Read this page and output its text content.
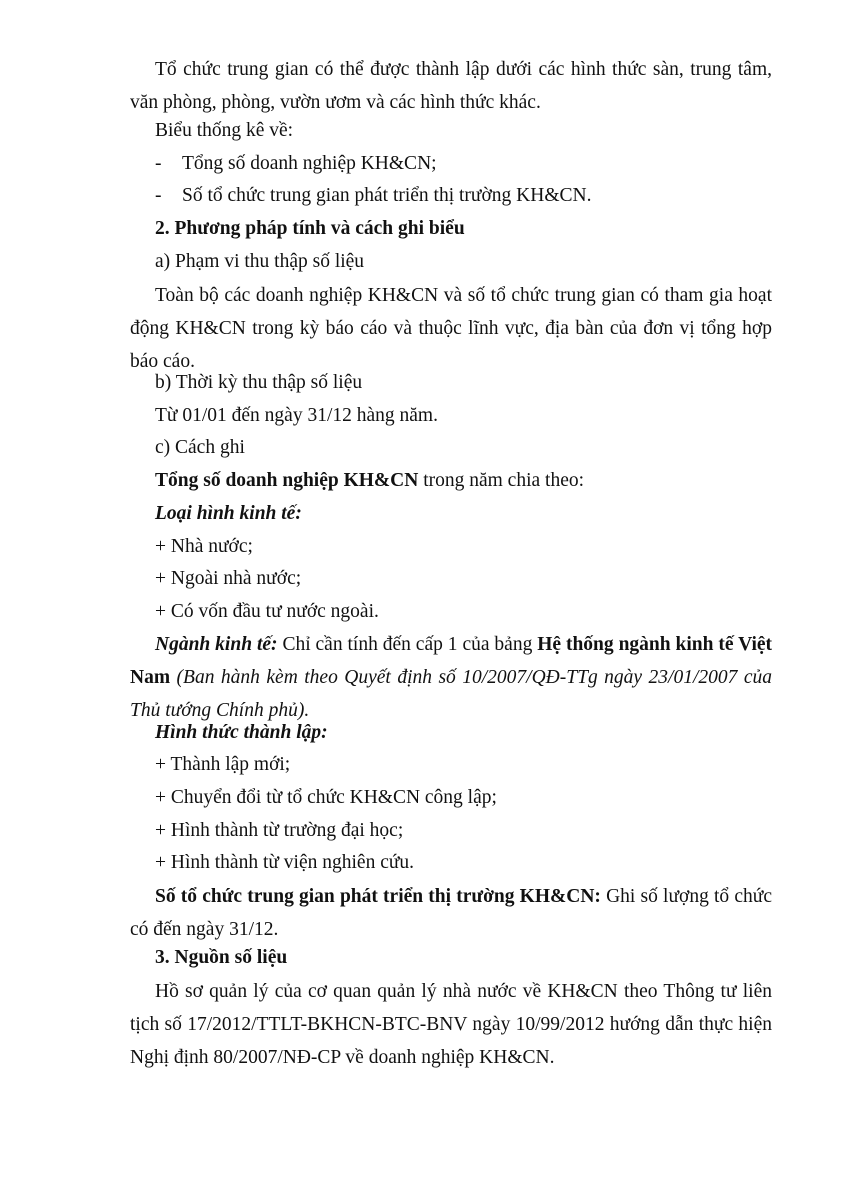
Tổ chức trung gian có thể được thành lập dưới các hình thức sàn, trung tâm, văn phòng, phòng, vườn ươm và các hình thức khác.
Biểu thống kê về:
- Tổng số doanh nghiệp KH&CN;
- Số tổ chức trung gian phát triển thị trường KH&CN.
2. Phương pháp tính và cách ghi biểu
a) Phạm vi thu thập số liệu
Toàn bộ các doanh nghiệp KH&CN và số tổ chức trung gian có tham gia hoạt động KH&CN trong kỳ báo cáo và thuộc lĩnh vực, địa bàn của đơn vị tổng hợp báo cáo.
b) Thời kỳ thu thập số liệu
Từ 01/01 đến ngày 31/12 hàng năm.
c) Cách ghi
Tổng số doanh nghiệp KH&CN trong năm chia theo:
Loại hình kinh tế:
+ Nhà nước;
+ Ngoài nhà nước;
+ Có vốn đầu tư nước ngoài.
Ngành kinh tế: Chỉ cần tính đến cấp 1 của bảng Hệ thống ngành kinh tế Việt Nam (Ban hành kèm theo Quyết định số 10/2007/QĐ-TTg ngày 23/01/2007 của Thủ tướng Chính phủ).
Hình thức thành lập:
+ Thành lập mới;
+ Chuyển đổi từ tổ chức KH&CN công lập;
+ Hình thành từ trường đại học;
+ Hình thành từ viện nghiên cứu.
Số tổ chức trung gian phát triển thị trường KH&CN: Ghi số lượng tổ chức có đến ngày 31/12.
3. Nguồn số liệu
Hồ sơ quản lý của cơ quan quản lý nhà nước về KH&CN theo Thông tư liên tịch số 17/2012/TTLT-BKHCN-BTC-BNV ngày 10/99/2012 hướng dẫn thực hiện Nghị định 80/2007/NĐ-CP về doanh nghiệp KH&CN.
